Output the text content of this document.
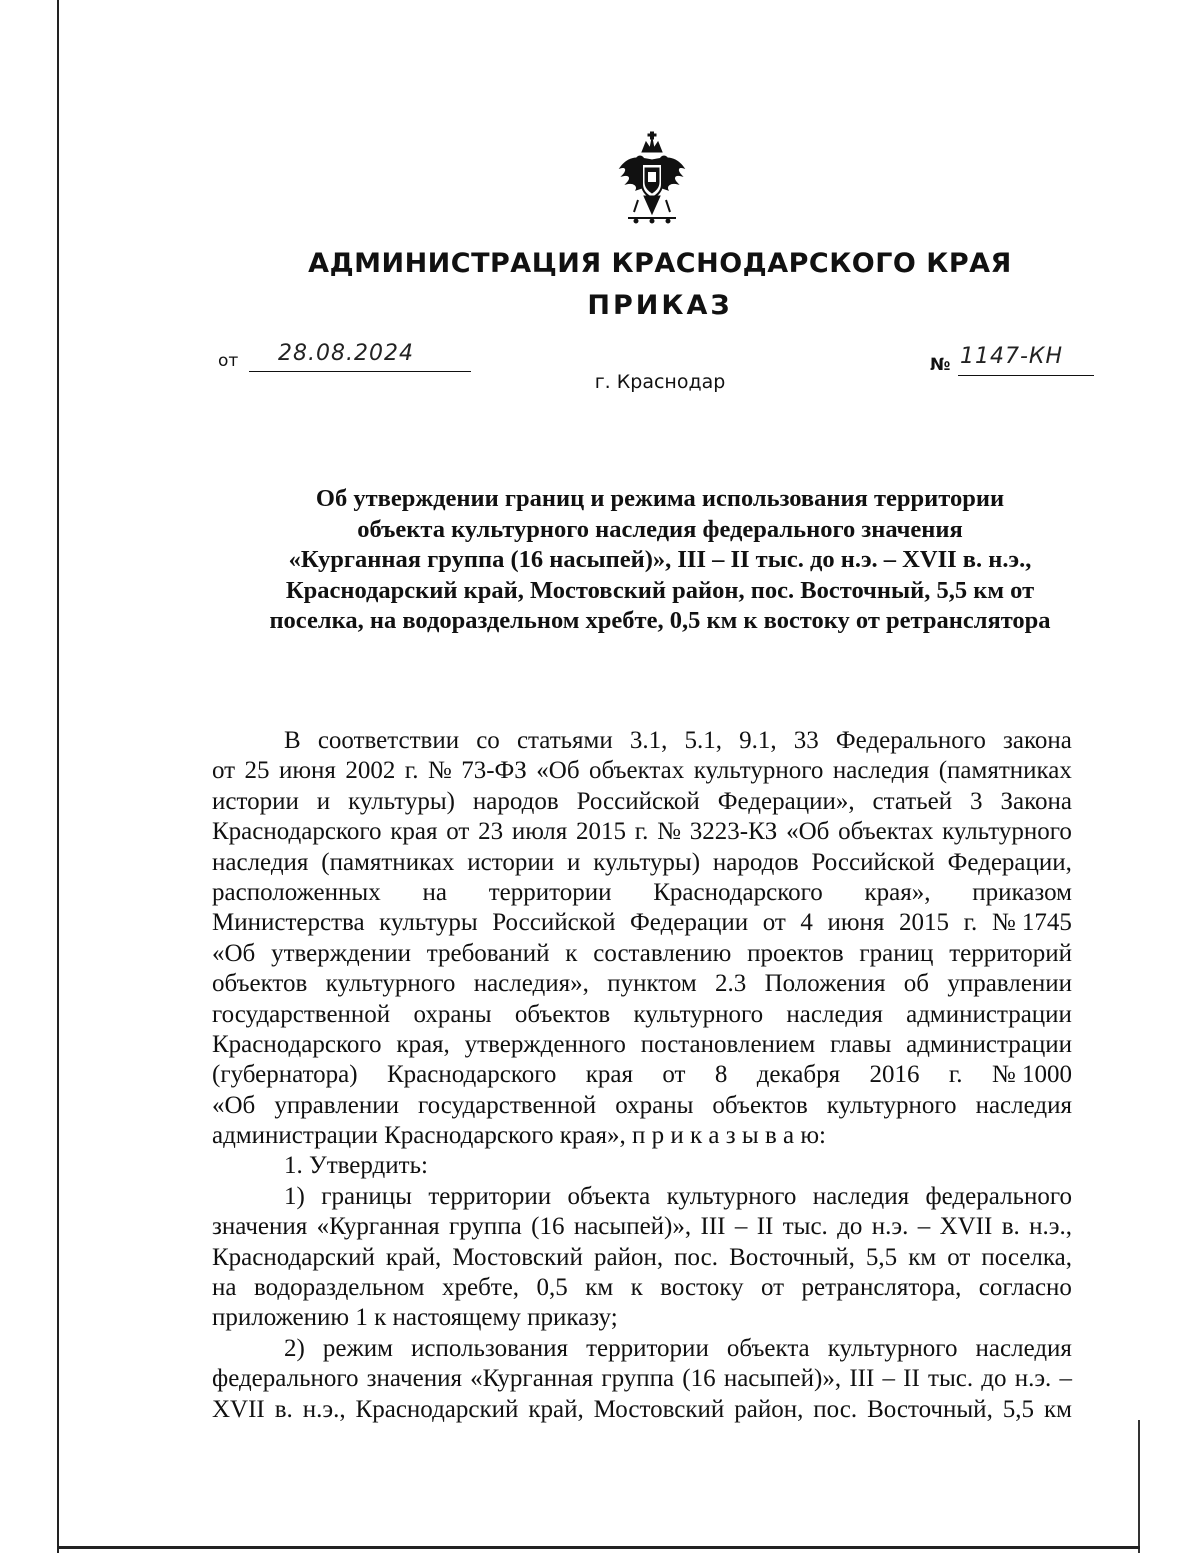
АДМИНИСТРАЦИЯ КРАСНОДАРСКОГО КРАЯ
ПРИКАЗ
от 28.08.2024
г. Краснодар
№ 1147-КН
Об утверждении границ и режима использования территории
объекта культурного наследия федерального значения
«Курганная группа (16 насыпей)», III – II тыс. до н.э. – XVII в. н.э.,
Краснодарский край, Мостовский район, пос. Восточный, 5,5 км от
поселка, на водораздельном хребте, 0,5 км к востоку от ретранслятора
В соответствии со статьями 3.1, 5.1, 9.1, 33 Федерального закона
от 25 июня 2002 г. № 73-ФЗ «Об объектах культурного наследия (памятниках
истории и культуры) народов Российской Федерации», статьей 3 Закона
Краснодарского края от 23 июля 2015 г. № 3223-КЗ «Об объектах культурного
наследия (памятниках истории и культуры) народов Российской Федерации,
расположенных на территории Краснодарского края», приказом
Министерства культуры Российской Федерации от 4 июня 2015 г. № 1745
«Об утверждении требований к составлению проектов границ территорий
объектов культурного наследия», пунктом 2.3 Положения об управлении
государственной охраны объектов культурного наследия администрации
Краснодарского края, утвержденного постановлением главы администрации
(губернатора) Краснодарского края от 8 декабря 2016 г. № 1000
«Об управлении государственной охраны объектов культурного наследия
администрации Краснодарского края», п р и к а з ы в а ю:
1. Утвердить:
1) границы территории объекта культурного наследия федерального
значения «Курганная группа (16 насыпей)», III – II тыс. до н.э. – XVII в. н.э.,
Краснодарский край, Мостовский район, пос. Восточный, 5,5 км от поселка,
на водораздельном хребте, 0,5 км к востоку от ретранслятора, согласно
приложению 1 к настоящему приказу;
2) режим использования территории объекта культурного наследия
федерального значения «Курганная группа (16 насыпей)», III – II тыс. до н.э. –
XVII в. н.э., Краснодарский край, Мостовский район, пос. Восточный, 5,5 км
